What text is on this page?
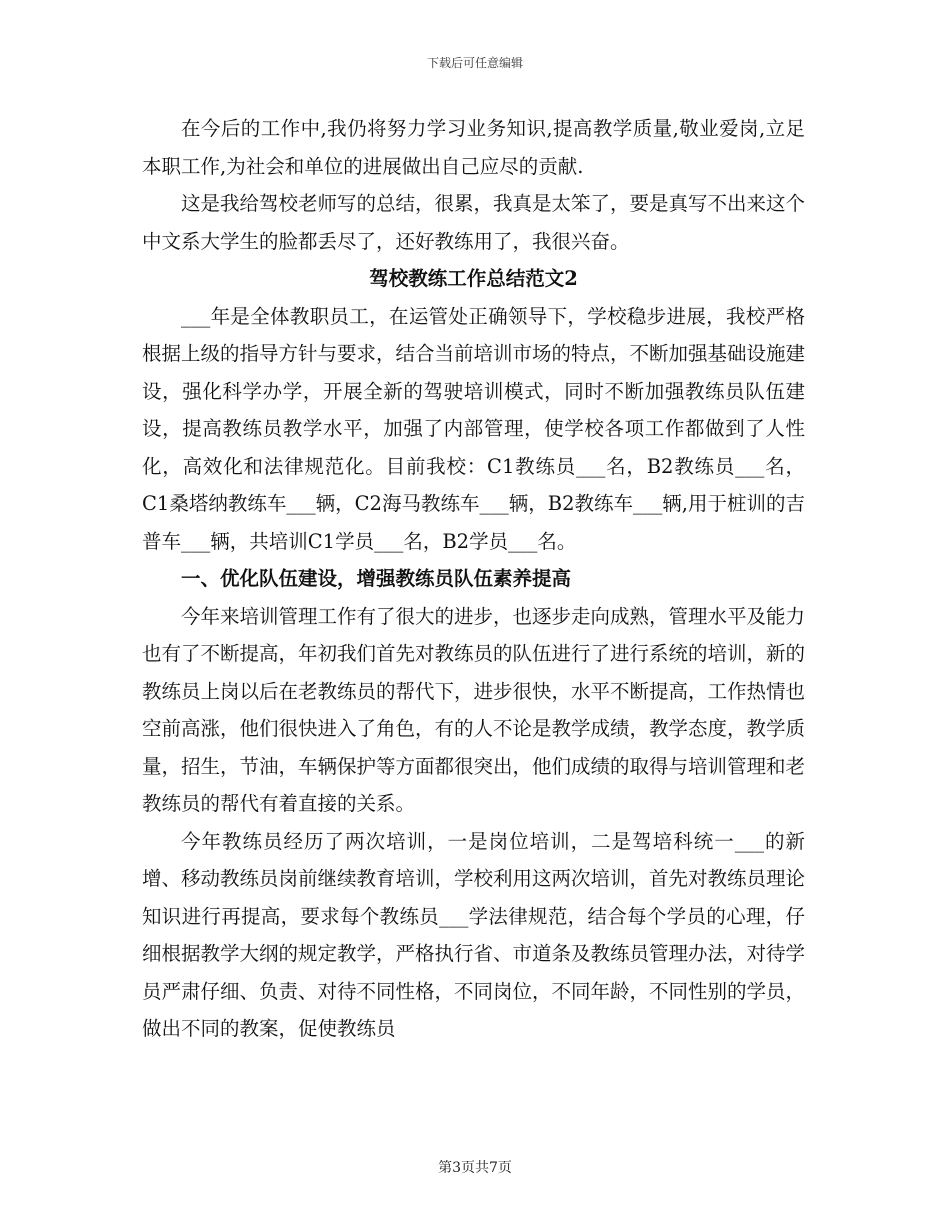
下载后可任意编辑

在今后的工作中,我仍将努力学习业务知识,提高教学质量,敬业爱岗,立足本职工作,为社会和单位的进展做出自己应尽的贡献.

这是我给驾校老师写的总结，很累，我真是太笨了，要是真写不出来这个中文系大学生的脸都丢尽了，还好教练用了，我很兴奋。

驾校教练工作总结范文2

___年是全体教职员工，在运管处正确领导下，学校稳步进展，我校严格根据上级的指导方针与要求，结合当前培训市场的特点，不断加强基础设施建设，强化科学办学，开展全新的驾驶培训模式，同时不断加强教练员队伍建设，提高教练员教学水平，加强了内部管理，使学校各项工作都做到了人性化，高效化和法律规范化。目前我校：C1教练员___名，B2教练员___名，C1桑塔纳教练车___辆，C2海马教练车___辆，B2教练车___辆,用于桩训的吉普车___辆，共培训C1学员___名，B2学员___名。

一、优化队伍建设，增强教练员队伍素养提高

今年来培训管理工作有了很大的进步，也逐步走向成熟，管理水平及能力也有了不断提高，年初我们首先对教练员的队伍进行了进行系统的培训，新的教练员上岗以后在老教练员的帮代下，进步很快，水平不断提高，工作热情也空前高涨，他们很快进入了角色，有的人不论是教学成绩，教学态度，教学质量，招生，节油，车辆保护等方面都很突出，他们成绩的取得与培训管理和老教练员的帮代有着直接的关系。

今年教练员经历了两次培训，一是岗位培训，二是驾培科统一___的新增、移动教练员岗前继续教育培训，学校利用这两次培训，首先对教练员理论知识进行再提高，要求每个教练员___学法律规范，结合每个学员的心理，仔细根据教学大纲的规定教学，严格执行省、市道条及教练员管理办法，对待学员严肃仔细、负责、对待不同性格，不同岗位，不同年龄，不同性别的学员，做出不同的教案，促使教练员

第3页共7页
